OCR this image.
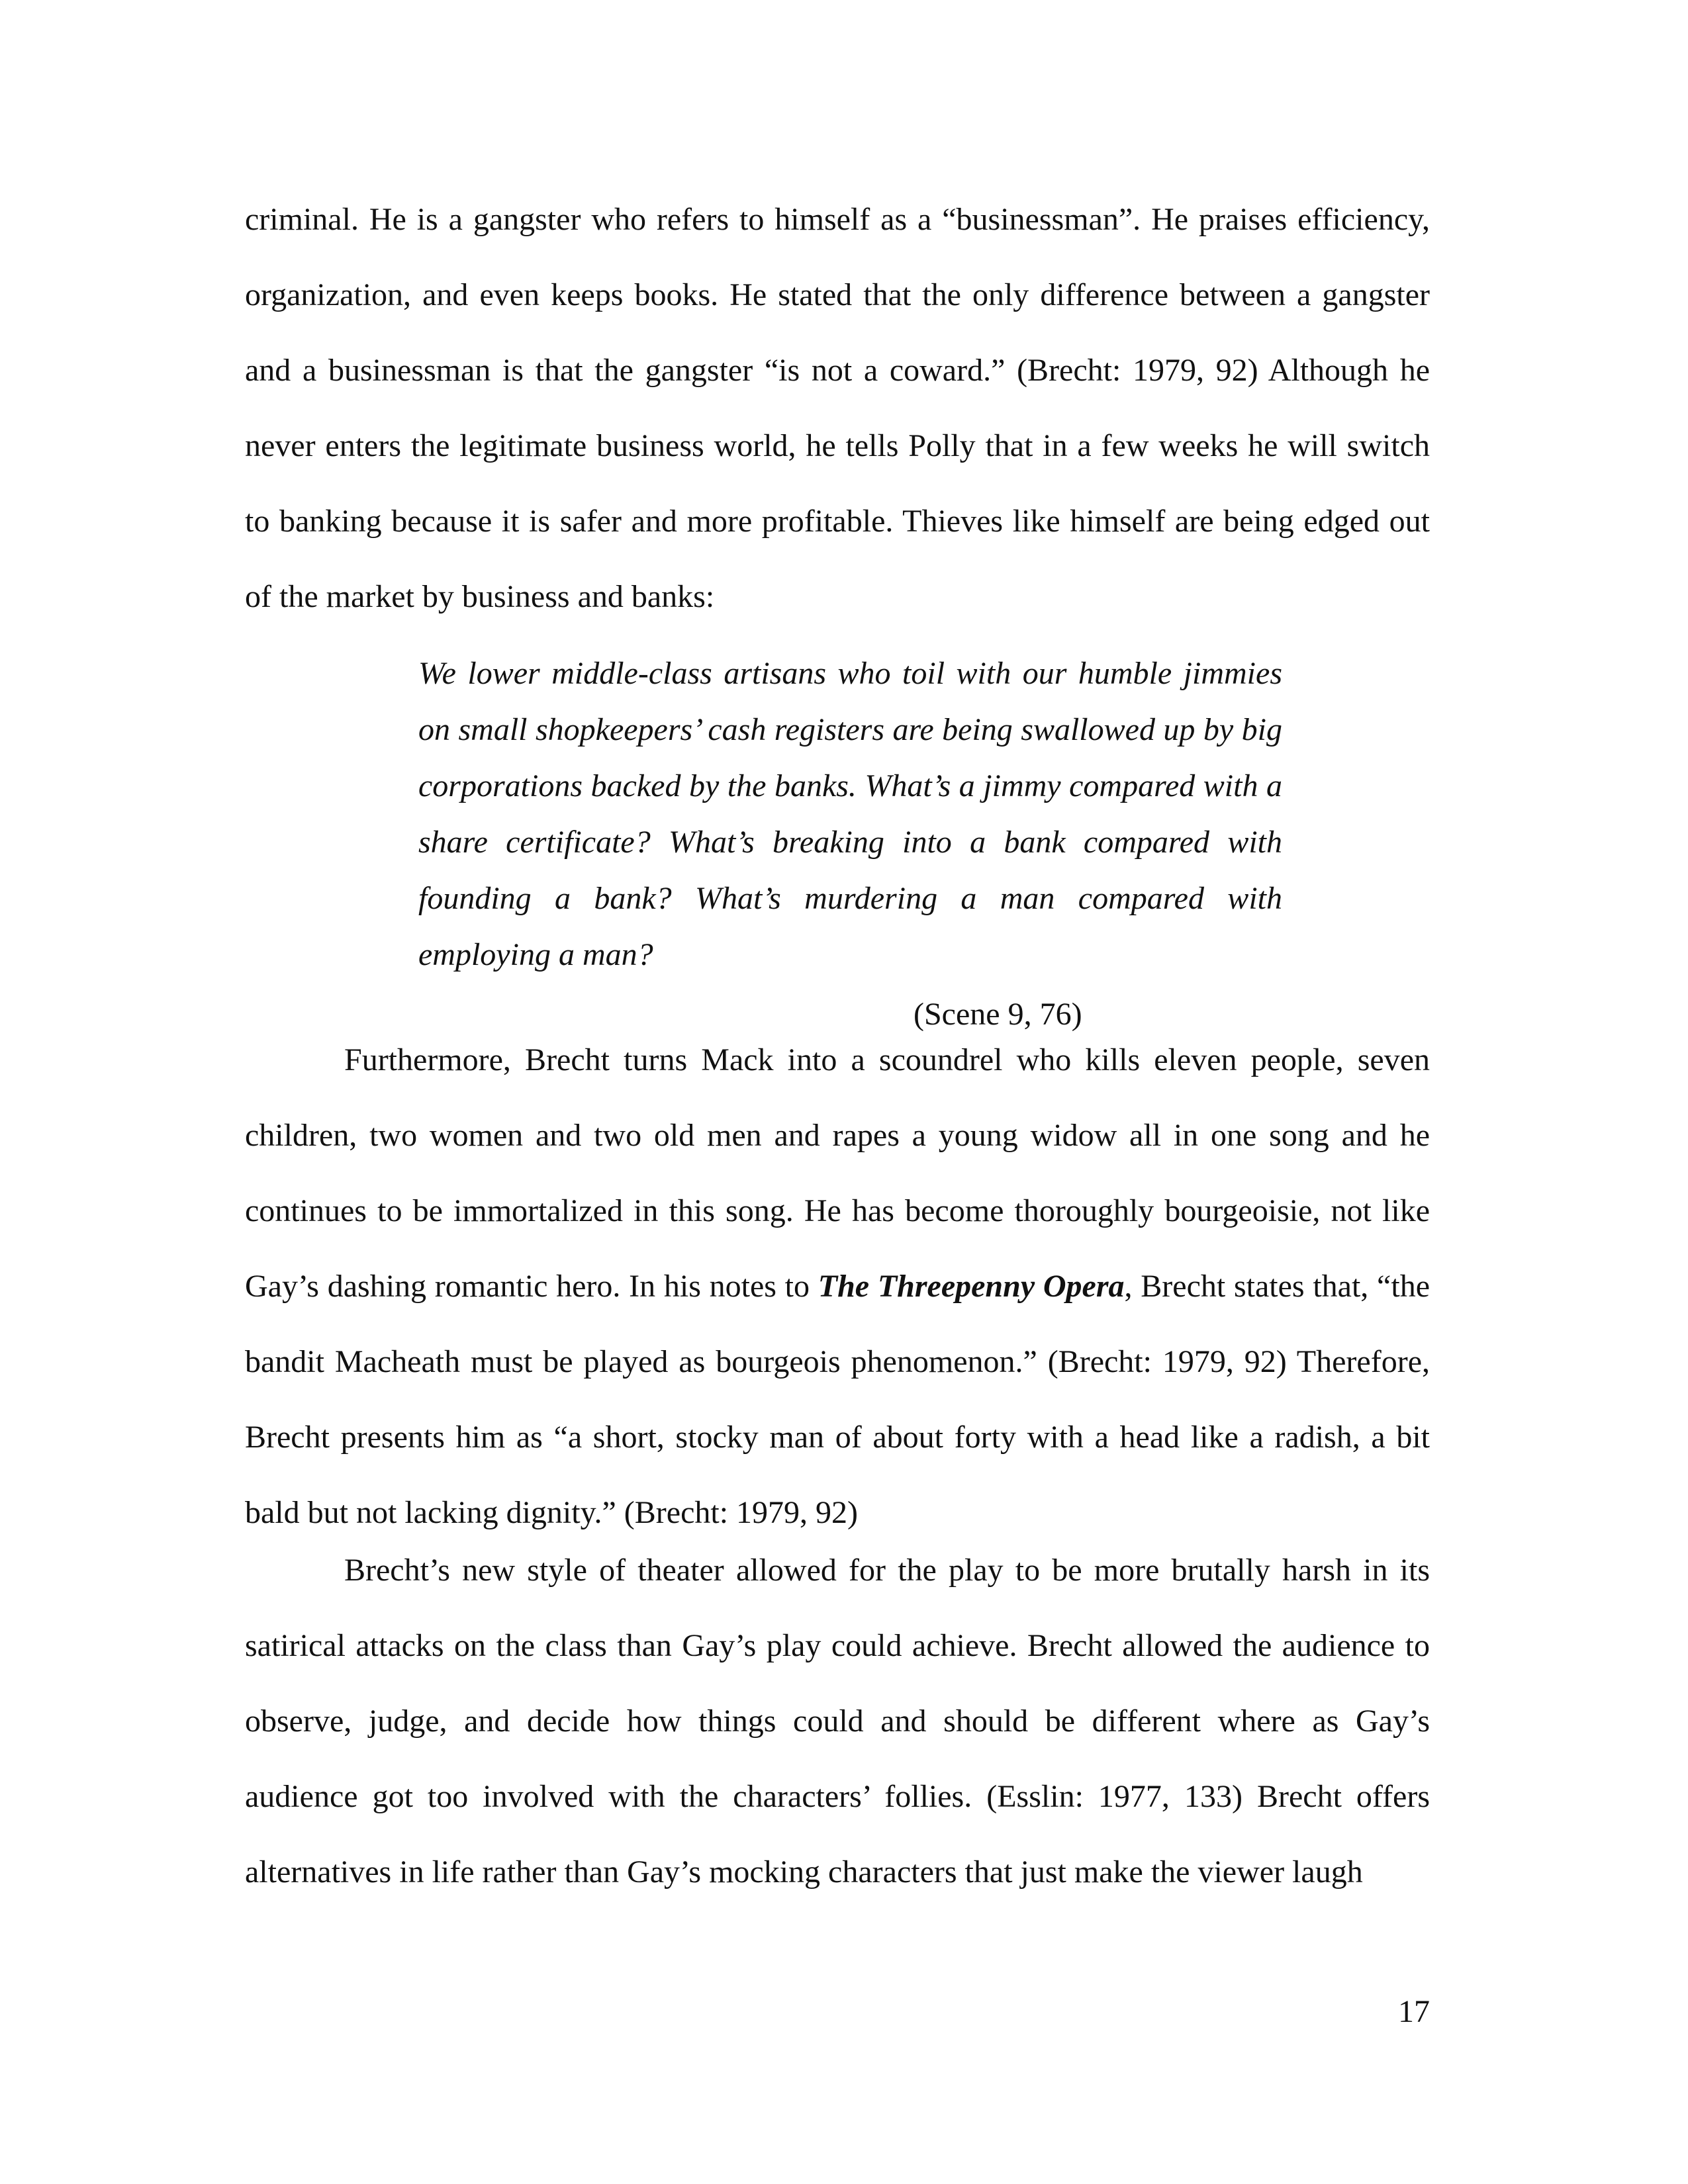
criminal. He is a gangster who refers to himself as a “businessman”. He praises efficiency, organization, and even keeps books. He stated that the only difference between a gangster and a businessman is that the gangster “is not a coward.” (Brecht: 1979, 92) Although he never enters the legitimate business world, he tells Polly that in a few weeks he will switch to banking because it is safer and more profitable. Thieves like himself are being edged out of the market by business and banks:

We lower middle-class artisans who toil with our humble jimmies on small shopkeepers’ cash registers are being swallowed up by big corporations backed by the banks. What’s a jimmy compared with a share certificate? What’s breaking into a bank compared with founding a bank? What’s murdering a man compared with employing a man?

(Scene 9, 76)

Furthermore, Brecht turns Mack into a scoundrel who kills eleven people, seven children, two women and two old men and rapes a young widow all in one song and he continues to be immortalized in this song. He has become thoroughly bourgeoisie, not like Gay’s dashing romantic hero. In his notes to The Threepenny Opera, Brecht states that, “the bandit Macheath must be played as bourgeois phenomenon.” (Brecht: 1979, 92) Therefore, Brecht presents him as “a short, stocky man of about forty with a head like a radish, a bit bald but not lacking dignity.” (Brecht: 1979, 92)

Brecht’s new style of theater allowed for the play to be more brutally harsh in its satirical attacks on the class than Gay’s play could achieve. Brecht allowed the audience to observe, judge, and decide how things could and should be different where as Gay’s audience got too involved with the characters’ follies. (Esslin: 1977, 133) Brecht offers alternatives in life rather than Gay’s mocking characters that just make the viewer laugh

17
